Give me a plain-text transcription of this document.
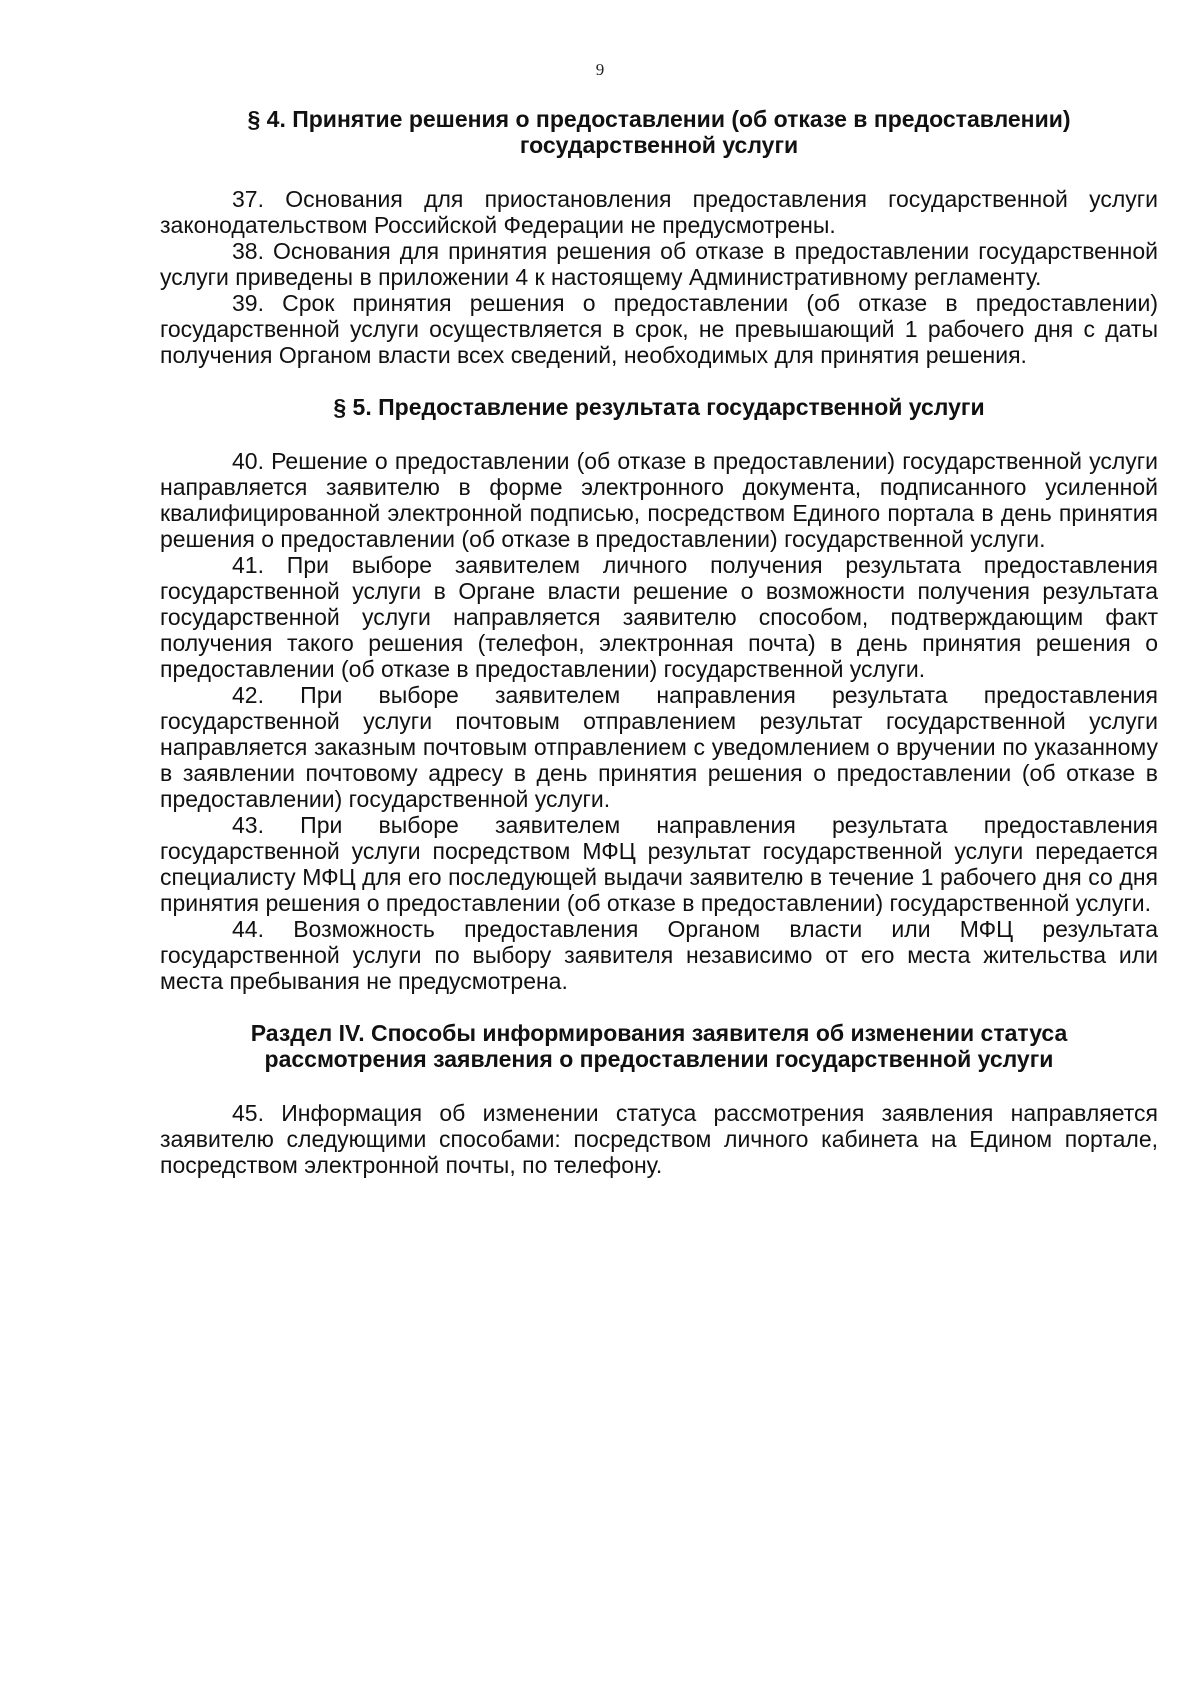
9
§ 4. Принятие решения о предоставлении (об отказе в предоставлении)
государственной услуги

37. Основания для приостановления предоставления государственной услуги законодательством Российской Федерации не предусмотрены.

38. Основания для принятия решения об отказе в предоставлении государственной услуги приведены в приложении 4 к настоящему Административному регламенту.

39. Срок принятия решения о предоставлении (об отказе в предоставлении) государственной услуги осуществляется в срок, не превышающий 1 рабочего дня с даты получения Органом власти всех сведений, необходимых для принятия решения.

§ 5. Предоставление результата государственной услуги

40. Решение о предоставлении (об отказе в предоставлении) государственной услуги направляется заявителю в форме электронного документа, подписанного усиленной квалифицированной электронной подписью, посредством Единого портала в день принятия решения о предоставлении (об отказе в предоставлении) государственной услуги.

41. При выборе заявителем личного получения результата предоставления государственной услуги в Органе власти решение о возможности получения результата государственной услуги направляется заявителю способом, подтверждающим факт получения такого решения (телефон, электронная почта) в день принятия решения о предоставлении (об отказе в предоставлении) государственной услуги.

42. При выборе заявителем направления результата предоставления государственной услуги почтовым отправлением результат государственной услуги направляется заказным почтовым отправлением с уведомлением о вручении по указанному в заявлении почтовому адресу в день принятия решения о предоставлении (об отказе в предоставлении) государственной услуги.

43. При выборе заявителем направления результата предоставления государственной услуги посредством МФЦ результат государственной услуги передается специалисту МФЦ для его последующей выдачи заявителю в течение 1 рабочего дня со дня принятия решения о предоставлении (об отказе в предоставлении) государственной услуги.

44. Возможность предоставления Органом власти или МФЦ результата государственной услуги по выбору заявителя независимо от его места жительства или места пребывания не предусмотрена.

Раздел IV. Способы информирования заявителя об изменении статуса
рассмотрения заявления о предоставлении государственной услуги

45. Информация об изменении статуса рассмотрения заявления направляется заявителю следующими способами: посредством личного кабинета на Едином портале, посредством электронной почты, по телефону.
